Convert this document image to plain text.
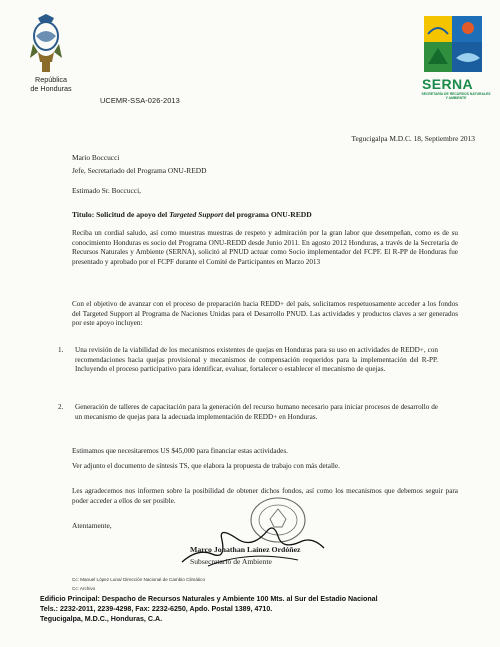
República
de Honduras
UCEMR-SSA-026-2013
SERNA
SECRETARÍA DE RECURSOS NATURALES Y AMBIENTE
Tegucigalpa M.D.C. 18, Septiembre 2013
Mario Boccucci
Jefe, Secretariado del Programa ONU-REDD
Estimado Sr. Boccucci,
Titulo: Solicitud de apoyo del Targeted Support del programa ONU-REDD
Reciba un cordial saludo, así como muestras muestras de respeto y admiración por la gran labor que desempeñan, como es de su conocimiento Honduras es socio del Programa ONU-REDD desde Junio 2011. En agosto 2012 Honduras, a través de la Secretaría de Recursos Naturales y Ambiente (SERNA), solicitó al PNUD actuar como Socio implementador del FCPF. El R-PP de Honduras fue presentado y aprobado por el FCPF durante el Comité de Participantes en Marzo 2013
Con el objetivo de avanzar con el proceso de preparación hacia REDD+ del país, solicitamos respetuosamente acceder a los fondos del Targeted Support al Programa de Naciones Unidas para el Desarrollo PNUD. Las actividades y productos claves a ser generados por este apoyo incluyen:
1. Una revisión de la viabilidad de los mecanismos existentes de quejas en Honduras para su uso en actividades de REDD+, con recomendaciones hacia quejas provisional y mecanismos de compensación requeridos para la implementación del R-PP. Incluyendo el proceso participativo para identificar, evaluar, fortalecer o establecer el mecanismo de quejas.
2. Generación de talleres de capacitación para la generación del recurso humano necesario para iniciar procesos de desarrollo de un mecanismo de quejas para la adecuada implementación de REDD+ en Honduras.
Estimamos que necesitaremos US $45,000 para financiar estas actividades.
Ver adjunto el documento de síntesis TS, que elabora la propuesta de trabajo con más detalle.
Les agradecemos nos informen sobre la posibilidad de obtener dichos fondos, así como los mecanismos que debemos seguir para poder acceder a ellos de ser posible.
Atentamente,
Marco Jonathan Laínez Ordóñez
Subsecretario de Ambiente
Cc: Manuel López Luna/ Dirección Nacional de Cambio Climático
Cc: Archivo
Edificio Principal: Despacho de Recursos Naturales y Ambiente 100 Mts. al Sur del Estadio Nacional
Tels.: 2232-2011, 2239-4298, Fax: 2232-6250, Apdo. Postal 1389, 4710.
Tegucigalpa, M.D.C., Honduras, C.A.
